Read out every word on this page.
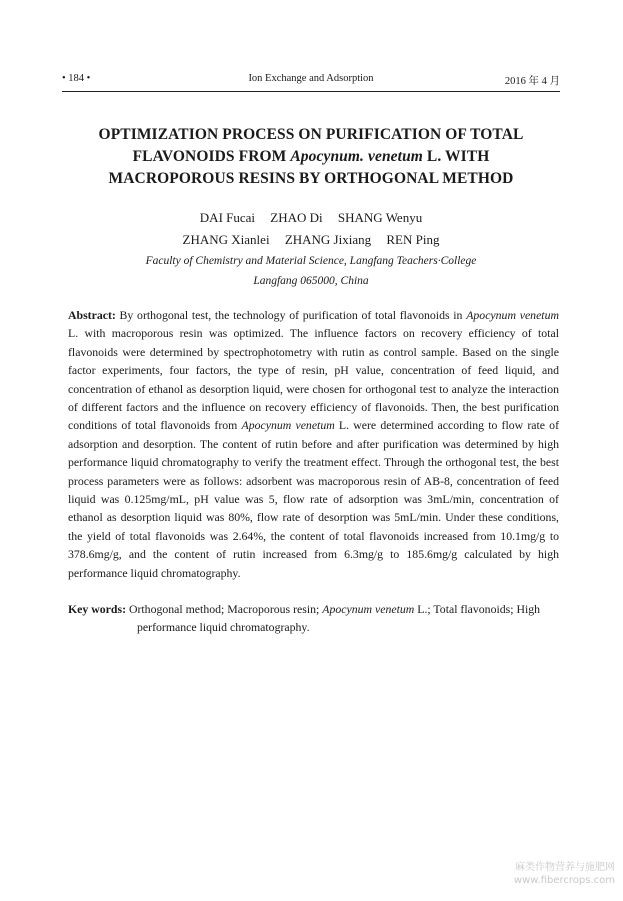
• 184 •	Ion Exchange and Adsorption	2016 年 4 月
OPTIMIZATION PROCESS ON PURIFICATION OF TOTAL
FLAVONOIDS FROM Apocynum. venetum L. WITH
MACROPOROUS RESINS BY ORTHOGONAL METHOD
DAI Fucai ZHAO Di SHANG Wenyu
ZHANG Xianlei ZHANG Jixiang REN Ping
Faculty of Chemistry and Material Science, Langfang Teachers·College
Langfang 065000, China
Abstract: By orthogonal test, the technology of purification of total flavonoids in Apocynum venetum L. with macroporous resin was optimized. The influence factors on recovery efficiency of total flavonoids were determined by spectrophotometry with rutin as control sample. Based on the single factor experiments, four factors, the type of resin, pH value, concentration of feed liquid, and concentration of ethanol as desorption liquid, were chosen for orthogonal test to analyze the interaction of different factors and the influence on recovery efficiency of flavonoids. Then, the best purification conditions of total flavonoids from Apocynum venetum L. were determined according to flow rate of adsorption and desorption. The content of rutin before and after purification was determined by high performance liquid chromatography to verify the treatment effect. Through the orthogonal test, the best process parameters were as follows: adsorbent was macroporous resin of AB-8, concentration of feed liquid was 0.125mg/mL, pH value was 5, flow rate of adsorption was 3mL/min, concentration of ethanol as desorption liquid was 80%, flow rate of desorption was 5mL/min. Under these conditions, the yield of total flavonoids was 2.64%, the content of total flavonoids increased from 10.1mg/g to 378.6mg/g, and the content of rutin increased from 6.3mg/g to 185.6mg/g calculated by high performance liquid chromatography.
Key words: Orthogonal method; Macroporous resin; Apocynum venetum L.; Total flavonoids; High performance liquid chromatography.
麻类作物营养与施肥网
www.fibercrops.com
